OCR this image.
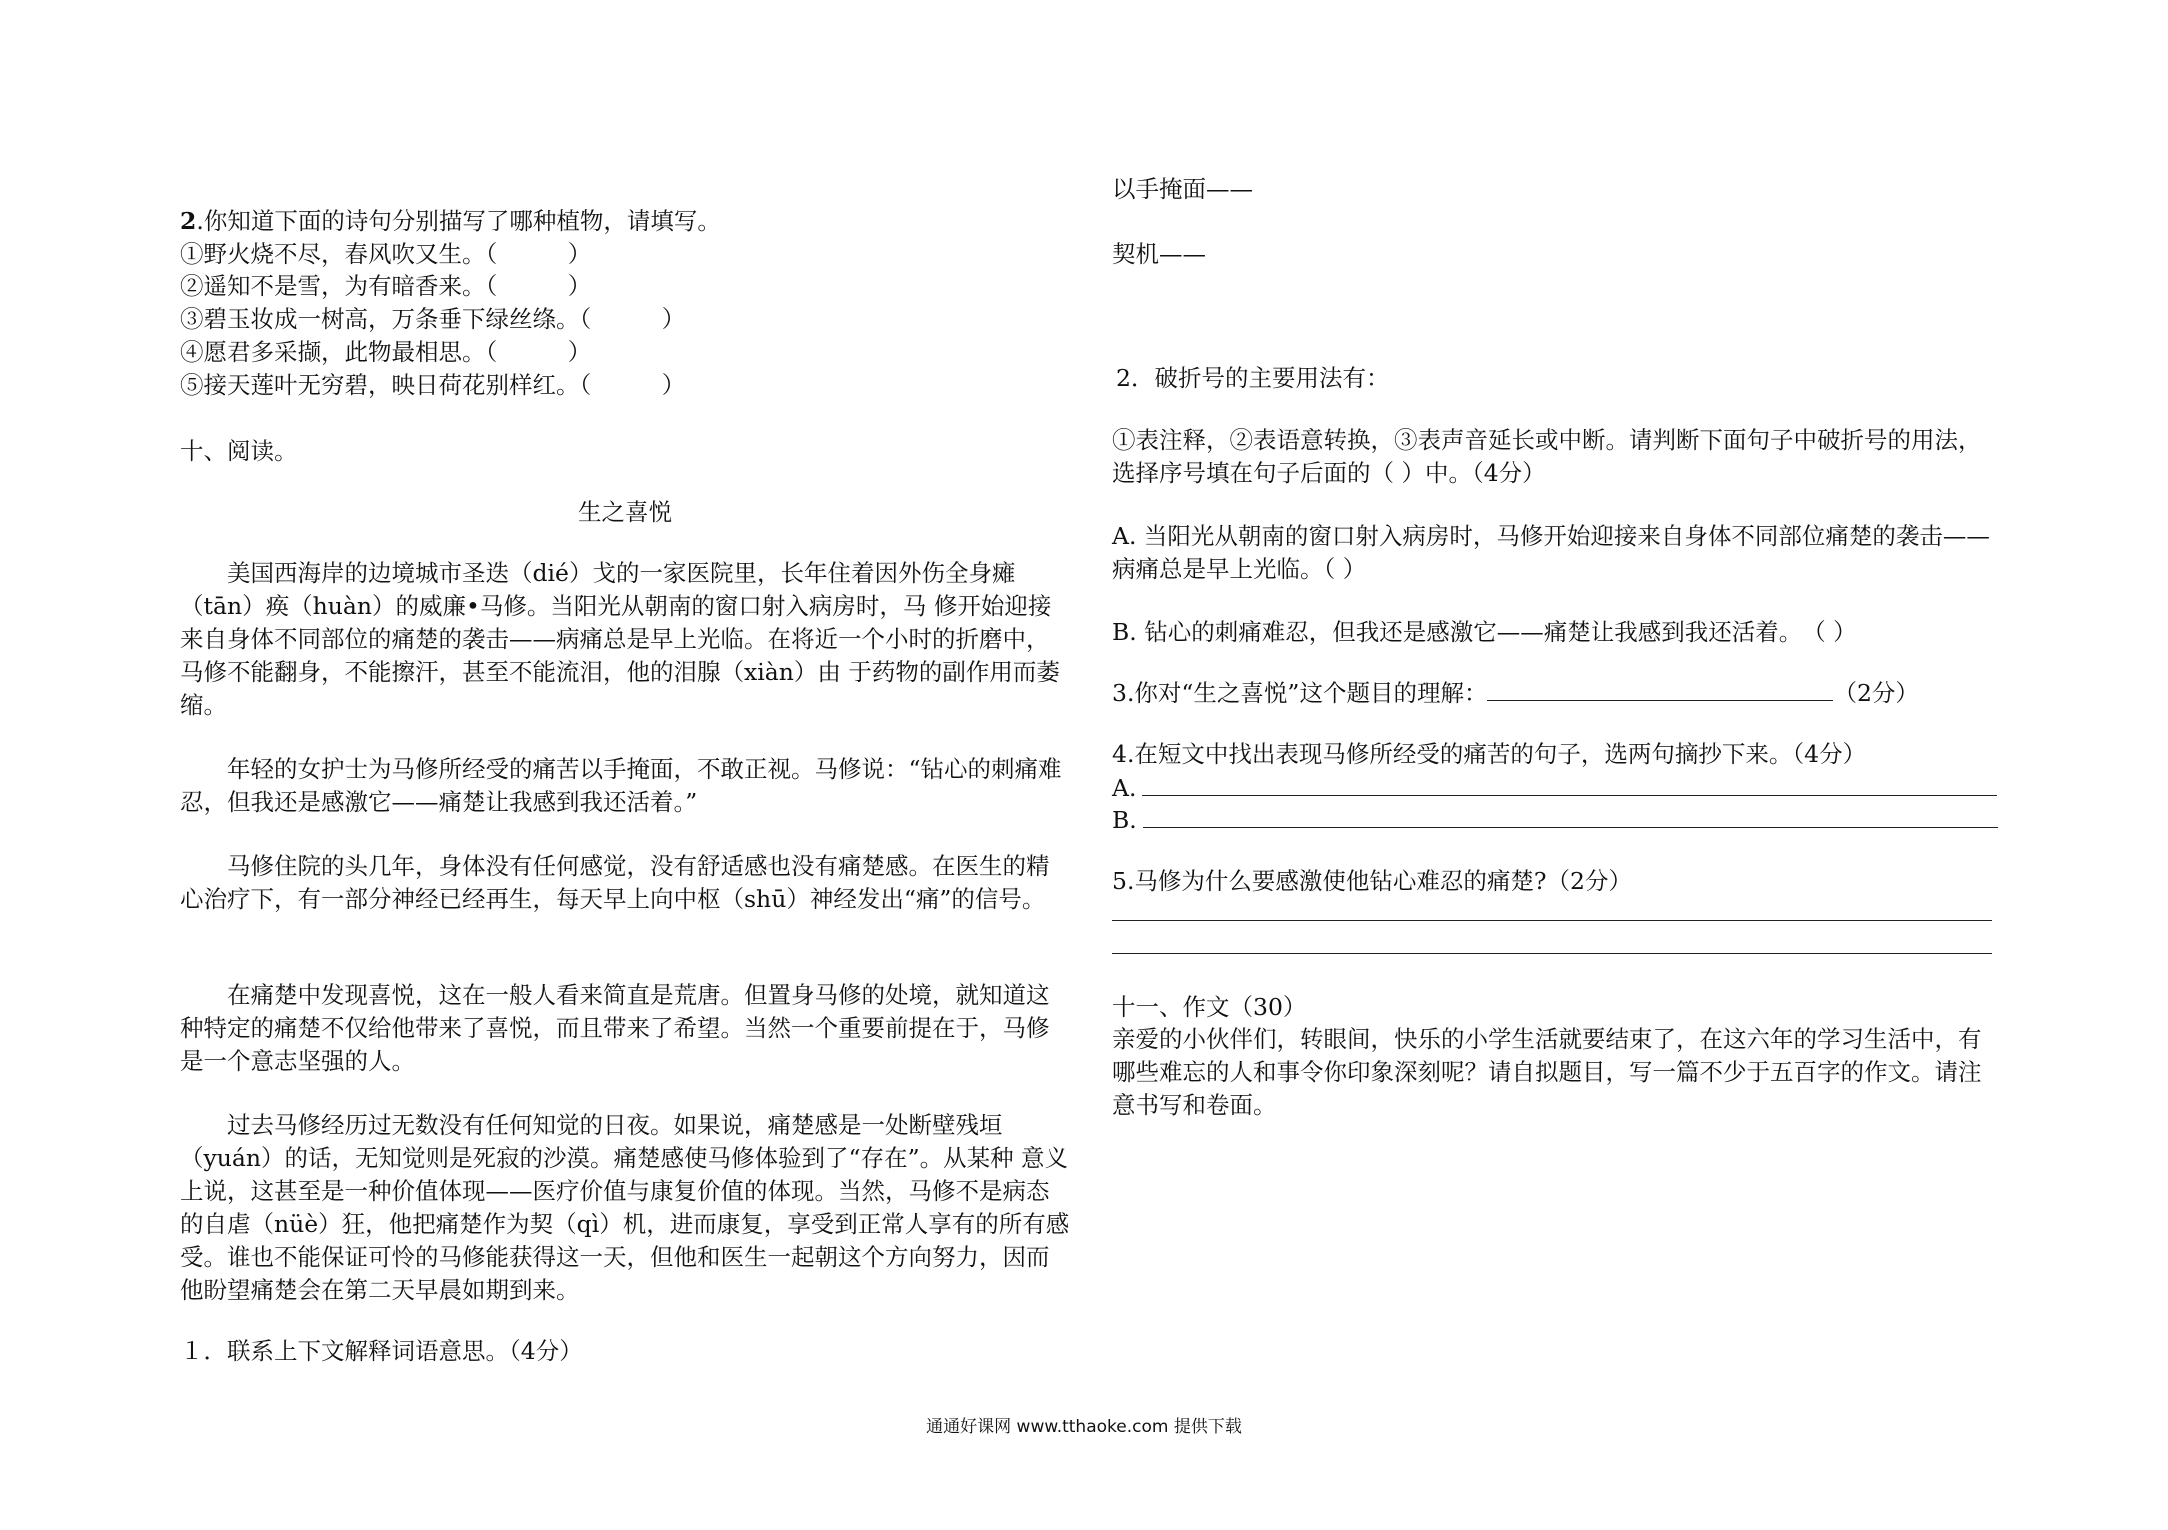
2.你知道下面的诗句分别描写了哪种植物，请填写。
①野火烧不尽，春风吹又生。（　　　）
②遥知不是雪，为有暗香来。（　　　）
③碧玉妆成一树高，万条垂下绿丝绦。（　　　）
④愿君多采撷，此物最相思。（　　　）
⑤接天莲叶无穷碧，映日荷花别样红。（　　　）
十、阅读。
生之喜悦
美国西海岸的边境城市圣迭（dié）戈的一家医院里，长年住着因外伤全身瘫（tān）痪（huàn）的威廉•马修。当阳光从朝南的窗口射入病房时，马 修开始迎接来自身体不同部位的痛楚的袭击——病痛总是早上光临。在将近一个小时的折磨中，马修不能翻身，不能擦汗，甚至不能流泪，他的泪腺（xiàn）由 于药物的副作用而萎缩。
年轻的女护士为马修所经受的痛苦以手掩面，不敢正视。马修说：“钻心的刺痛难忍，但我还是感激它——痛楚让我感到我还活着。”
马修住院的头几年，身体没有任何感觉，没有舒适感也没有痛楚感。在医生的精心治疗下，有一部分神经已经再生，每天早上向中枢（shū）神经发出“痛”的信号。
在痛楚中发现喜悦，这在一般人看来简直是荒唐。但置身马修的处境，就知道这种特定的痛楚不仅给他带来了喜悦，而且带来了希望。当然一个重要前提在于，马修是一个意志坚强的人。
过去马修经历过无数没有任何知觉的日夜。如果说，痛楚感是一处断壁残垣（yuán）的话，无知觉则是死寂的沙漠。痛楚感使马修体验到了“存在”。从某种 意义上说，这甚至是一种价值体现——医疗价值与康复价值的体现。当然，马修不是病态的自虐（nüè）狂，他把痛楚作为契（qì）机，进而康复，享受到正常人享有的所有感受。谁也不能保证可怜的马修能获得这一天，但他和医生一起朝这个方向努力，因而他盼望痛楚会在第二天早晨如期到来。
１．联系上下文解释词语意思。（4分）
以手掩面——
契机——
2．破折号的主要用法有：
①表注释，②表语意转换，③表声音延长或中断。请判断下面句子中破折号的用法，选择序号填在句子后面的（ ）中。（4分）
A. 当阳光从朝南的窗口射入病房时，马修开始迎接来自身体不同部位痛楚的袭击——病痛总是早上光临。（ ）
B. 钻心的刺痛难忍，但我还是感激它——痛楚让我感到我还活着。　（ ）
3.你对“生之喜悦”这个题目的理解：	（2分）
4.在短文中找出表现马修所经受的痛苦的句子，选两句摘抄下来。（4分）
A.
B.
5.马修为什么要感激使他钻心难忍的痛楚?（2分）
十一、作文（30）
亲爱的小伙伴们，转眼间，快乐的小学生活就要结束了，在这六年的学习生活中，有哪些难忘的人和事令你印象深刻呢？请自拟题目，写一篇不少于五百字的作文。请注意书写和卷面。
通通好课网 www.tthaoke.com 提供下载
